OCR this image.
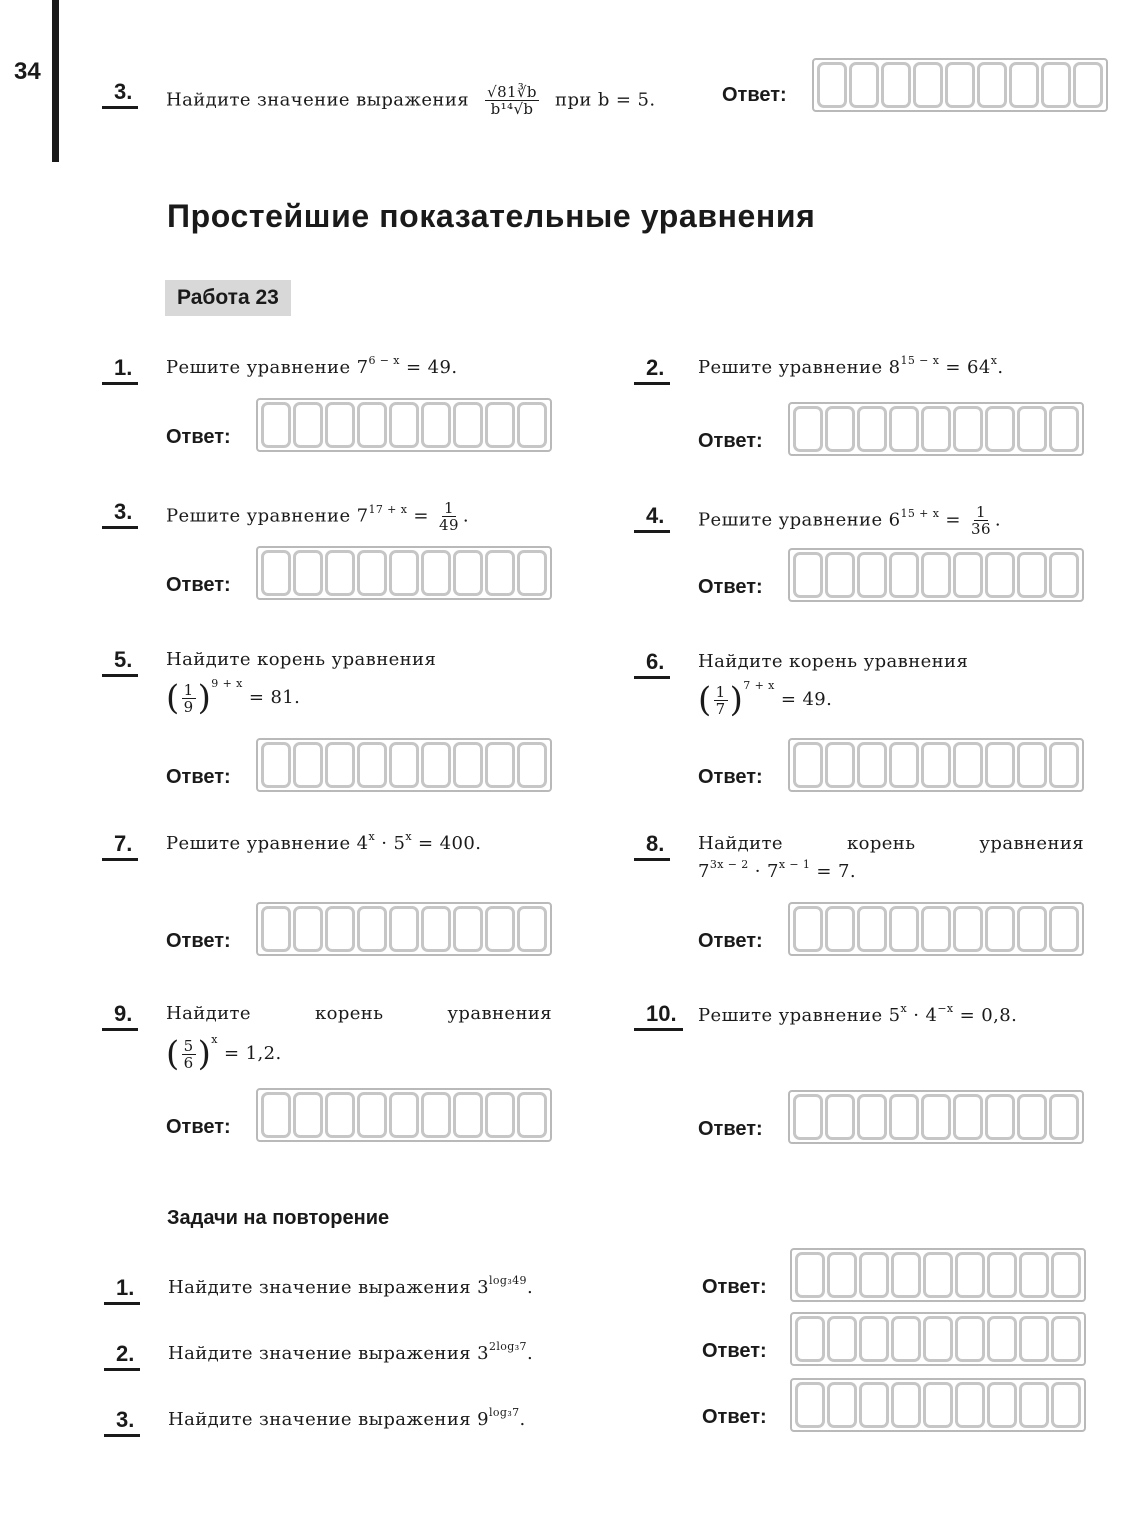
34
3.	Найдите значение выражения $\frac{√81∛b}{\text{b¹⁴√b}}$ при b = 5.	Ответ:
Простейшие показательные уравнения
Работа 23
1.	Решите уравнение $7^{6 - x} = 49$.
Ответ:
2.	Решите уравнение $8^{15 - x} = 64^x$.
Ответ:
3.	Решите уравнение $7^{17 + x} = \frac{1}{49}$ .
Ответ:
4.	Решите уравнение $6^{15 + x} = \frac{1}{36}$ .
Ответ:
5.	Найдите корень уравнения
( $\frac{1}{9} )^{9 + x} = 81$.
Ответ:
6.	Найдите корень уравнения
( $\frac{1}{7} )^{7 + x} = 49$.
Ответ:
7.	Решите уравнение $4^x \cdot 5^x = 400$.
Ответ:
8.	Найдите	корень	уравнения
$7^{3x - 2} \cdot 7^{x - 1} = 7$.
Ответ:
9.	Найдите	корень	уравнения
( $\frac{5}{6} )^x = 1,2$.
Ответ:
10.	Решите уравнение $5^x \cdot 4^{-x} = 0,8$.
Ответ:
Задачи на повторение
1.	Найдите значение выражения $3^{log_349}$.	Ответ:
2.	Найдите значение выражения $3^{2log_37}$.	Ответ:
3.	Найдите значение выражения $9^{log_37}$.	Ответ:
